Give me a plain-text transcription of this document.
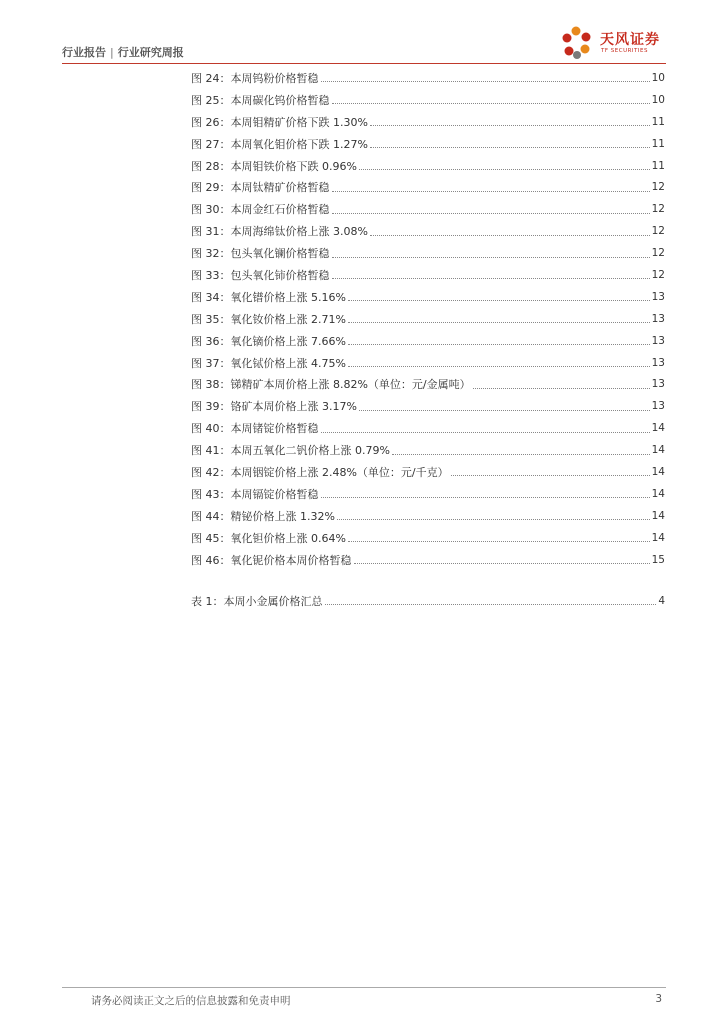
行业报告 | 行业研究周报
天风证券
TF SECURITIES
图 24：本周钨粉价格暂稳	10
图 25：本周碳化钨价格暂稳	10
图 26：本周钼精矿价格下跌 1.30%	11
图 27：本周氧化钼价格下跌 1.27%	11
图 28：本周钼铁价格下跌 0.96%	11
图 29：本周钛精矿价格暂稳	12
图 30：本周金红石价格暂稳	12
图 31：本周海绵钛价格上涨 3.08%	12
图 32：包头氧化镧价格暂稳	12
图 33：包头氧化铈价格暂稳	12
图 34：氧化镨价格上涨 5.16%	13
图 35：氧化钕价格上涨 2.71%	13
图 36：氧化镝价格上涨 7.66%	13
图 37：氧化铽价格上涨 4.75%	13
图 38：锑精矿本周价格上涨 8.82%（单位：元/金属吨）	13
图 39：铬矿本周价格上涨 3.17%	13
图 40：本周锗锭价格暂稳	14
图 41：本周五氧化二钒价格上涨 0.79%	14
图 42：本周铟锭价格上涨 2.48%（单位：元/千克）	14
图 43：本周镉锭价格暂稳	14
图 44：精铋价格上涨 1.32%	14
图 45：氧化钽价格上涨 0.64%	14
图 46：氧化铌价格本周价格暂稳	15
表 1：本周小金属价格汇总	4
请务必阅读正文之后的信息披露和免责申明	3
